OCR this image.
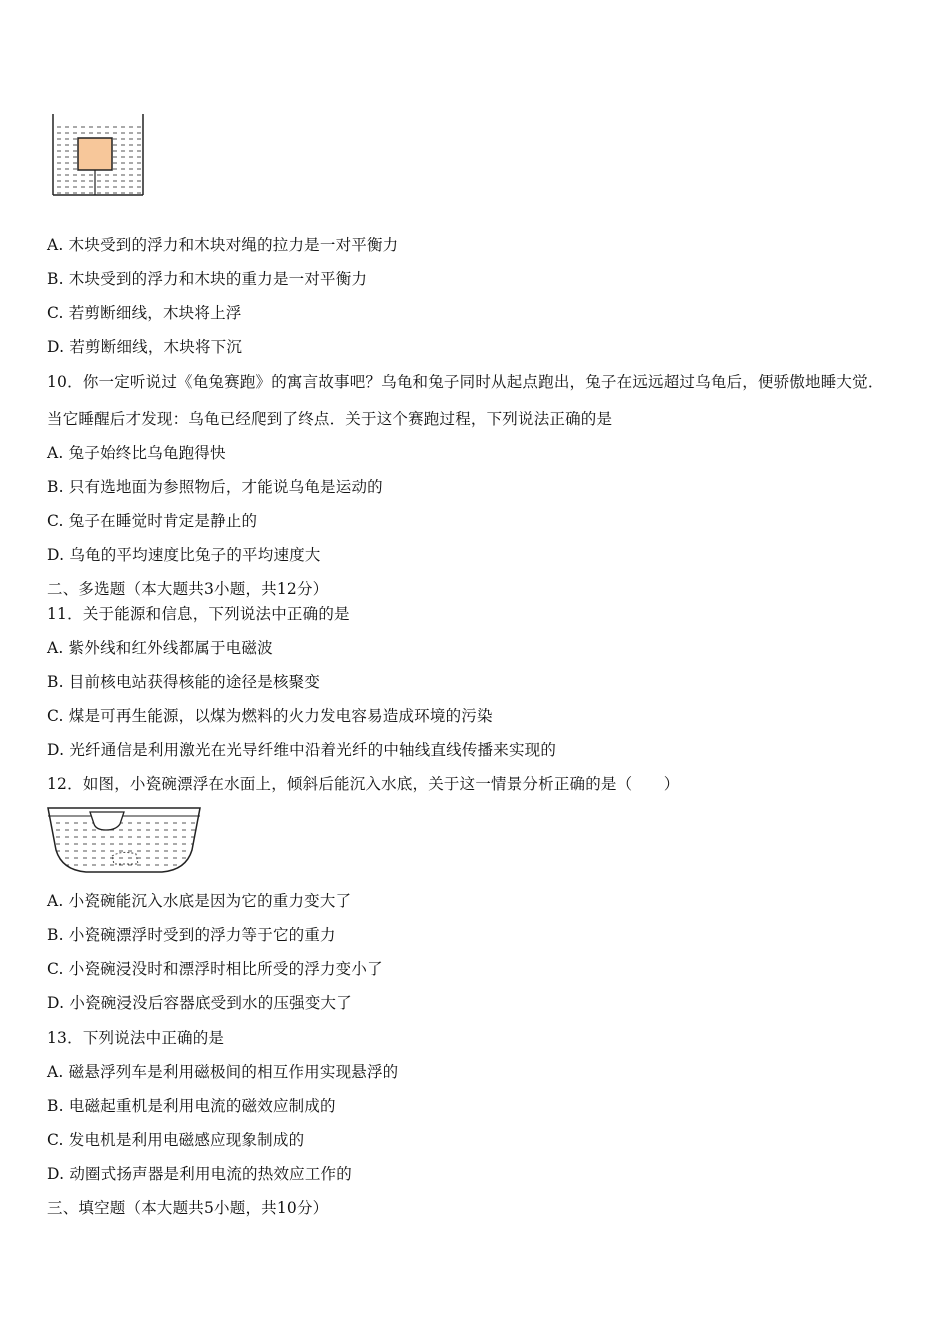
A. 木块受到的浮力和木块对绳的拉力是一对平衡力
B. 木块受到的浮力和木块的重力是一对平衡力
C. 若剪断细线，木块将上浮
D. 若剪断细线，木块将下沉
10．你一定听说过《龟兔赛跑》的寓言故事吧？乌龟和兔子同时从起点跑出，兔子在远远超过乌龟后，便骄傲地睡大觉．
当它睡醒后才发现：乌龟已经爬到了终点．关于这个赛跑过程，下列说法正确的是
A. 兔子始终比乌龟跑得快
B. 只有选地面为参照物后，才能说乌龟是运动的
C. 兔子在睡觉时肯定是静止的
D. 乌龟的平均速度比兔子的平均速度大
二、多选题（本大题共3小题，共12分）
11．关于能源和信息，下列说法中正确的是
A. 紫外线和红外线都属于电磁波
B. 目前核电站获得核能的途径是核聚变
C. 煤是可再生能源，以煤为燃料的火力发电容易造成环境的污染
D. 光纤通信是利用激光在光导纤维中沿着光纤的中轴线直线传播来实现的
12．如图，小瓷碗漂浮在水面上，倾斜后能沉入水底，关于这一情景分析正确的是（　　）
A. 小瓷碗能沉入水底是因为它的重力变大了
B. 小瓷碗漂浮时受到的浮力等于它的重力
C. 小瓷碗浸没时和漂浮时相比所受的浮力变小了
D. 小瓷碗浸没后容器底受到水的压强变大了
13．下列说法中正确的是
A. 磁悬浮列车是利用磁极间的相互作用实现悬浮的
B. 电磁起重机是利用电流的磁效应制成的
C. 发电机是利用电磁感应现象制成的
D. 动圈式扬声器是利用电流的热效应工作的
三、填空题（本大题共5小题，共10分）
